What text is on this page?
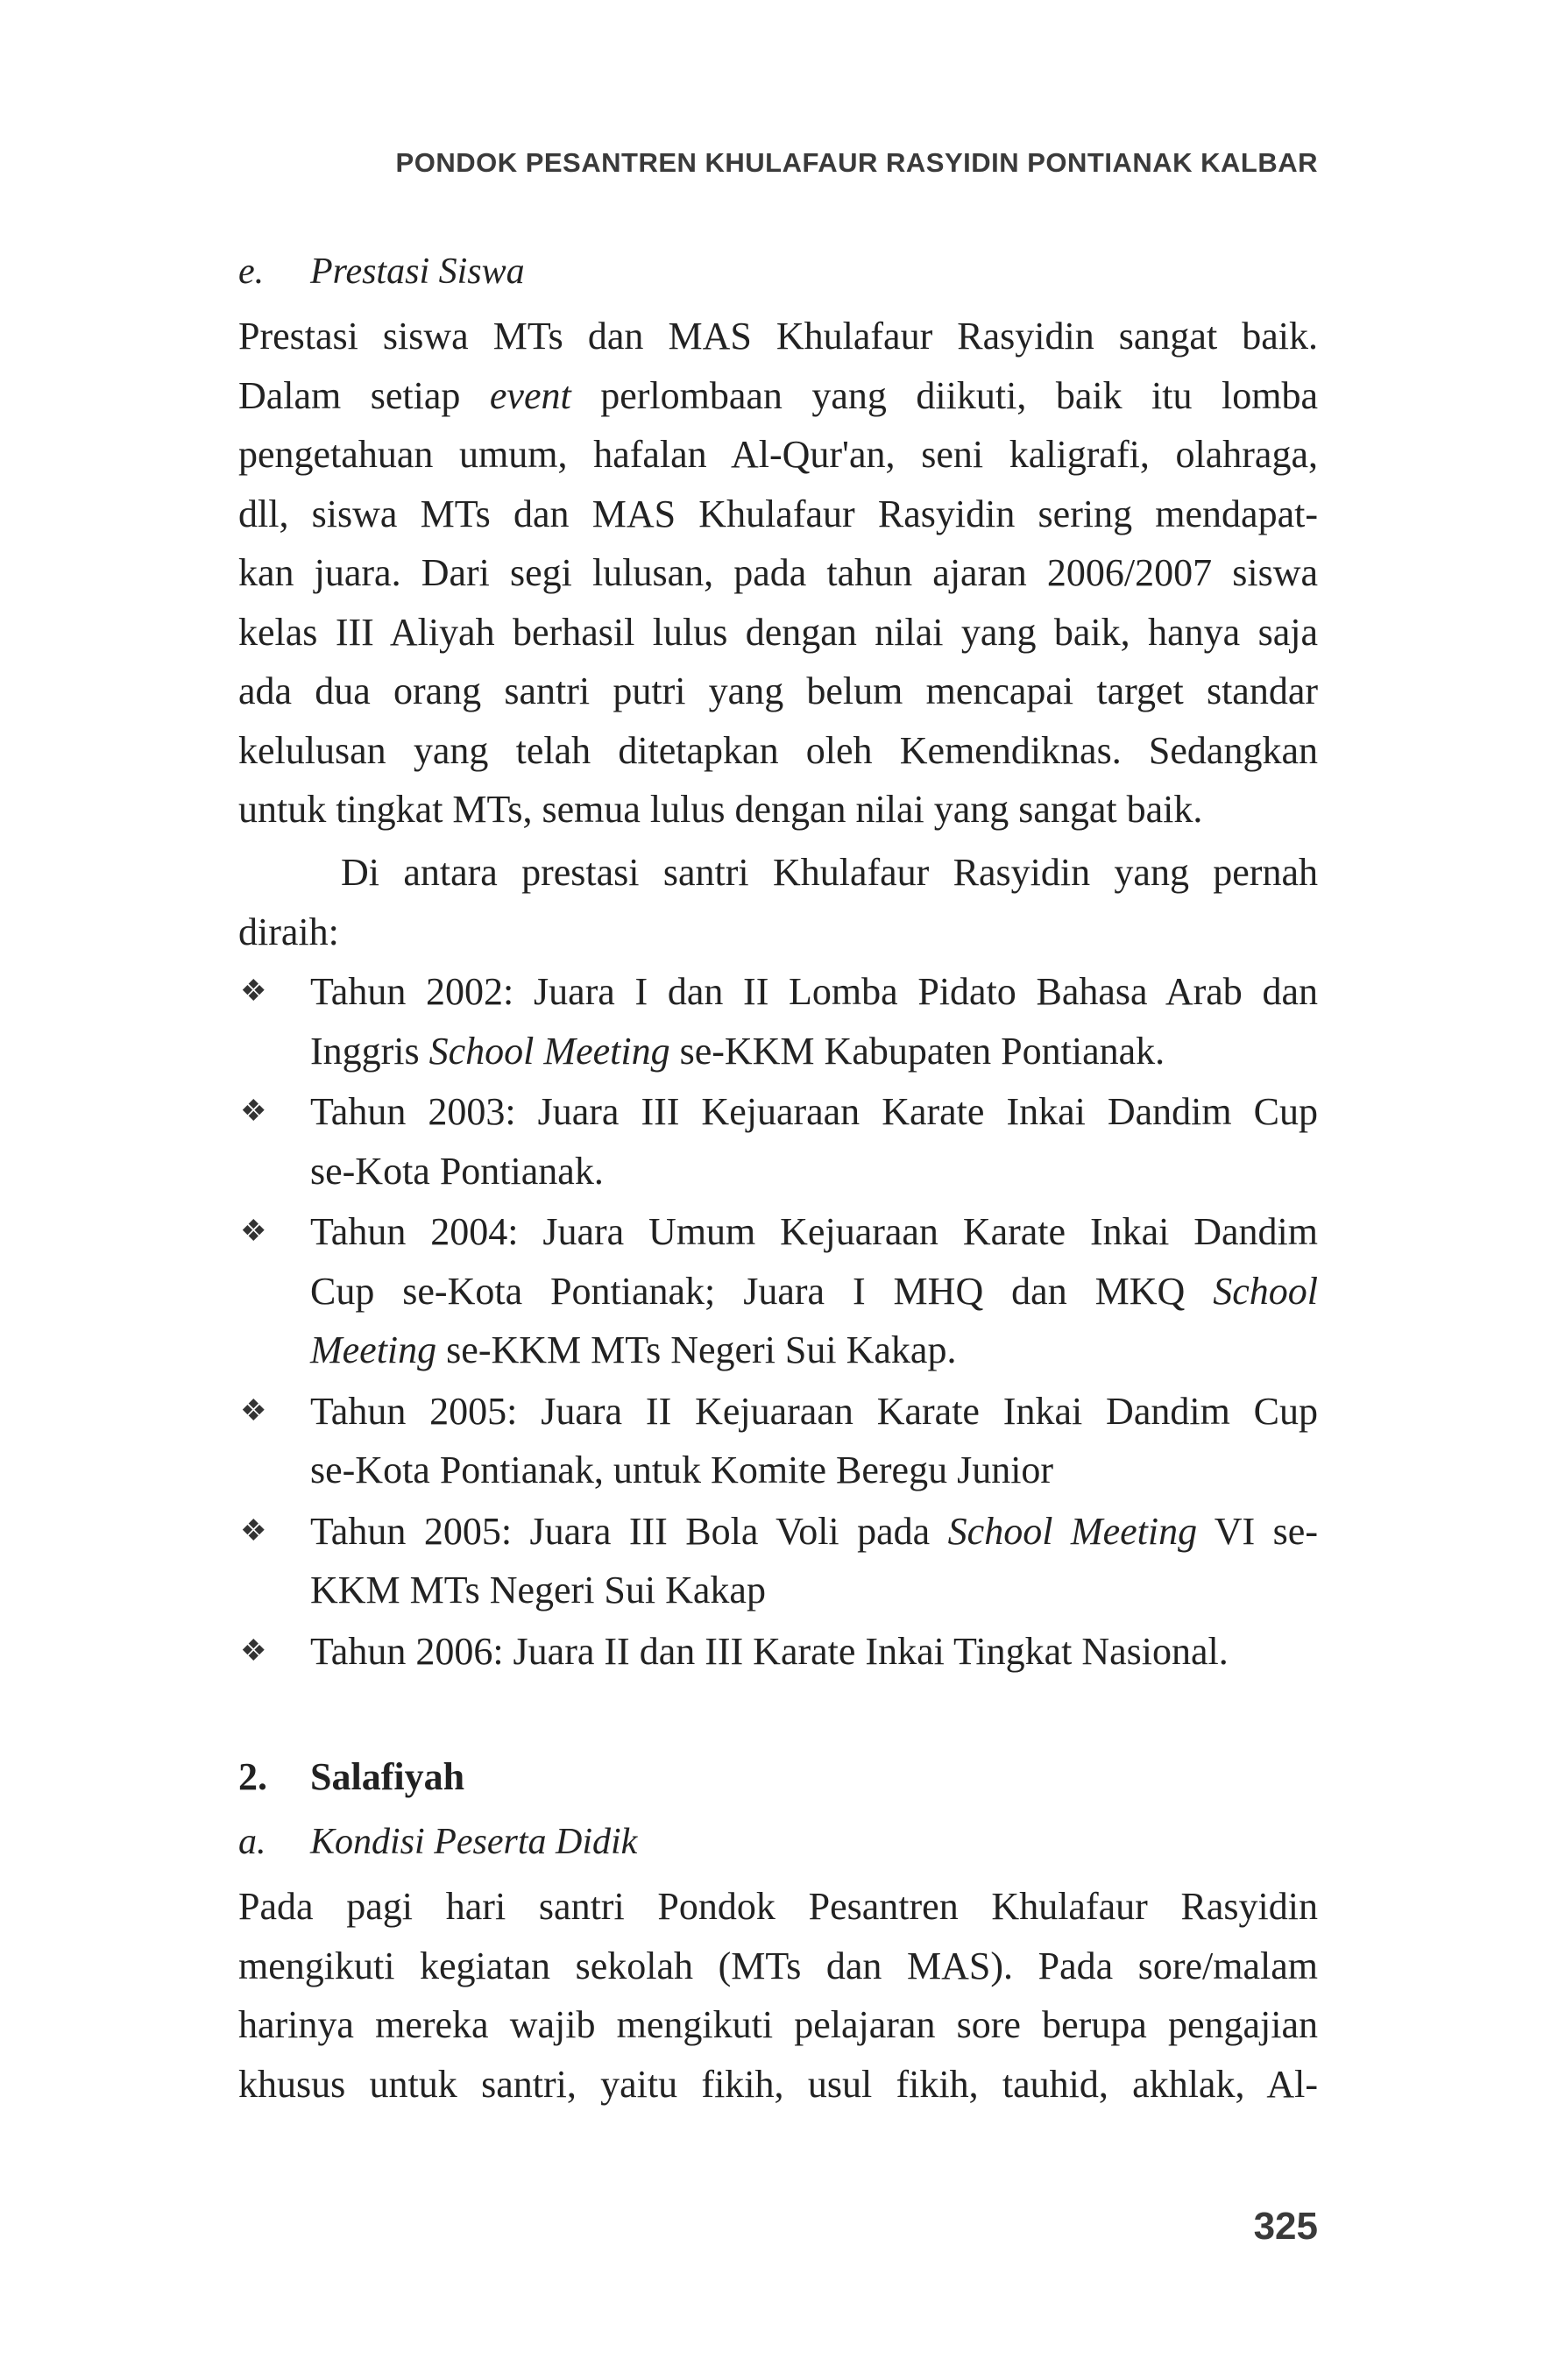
PONDOK PESANTREN KHULAFAUR RASYIDIN PONTIANAK KALBAR
e. Prestasi Siswa
Prestasi siswa MTs dan MAS Khulafaur Rasyidin sangat baik.
Dalam setiap event perlombaan yang diikuti, baik itu lomba
pengetahuan umum, hafalan Al-Qur'an, seni kaligrafi, olahraga,
dll, siswa MTs dan MAS Khulafaur Rasyidin sering mendapat-
kan juara. Dari segi lulusan, pada tahun ajaran 2006/2007 siswa
kelas III Aliyah berhasil lulus dengan nilai yang baik, hanya saja
ada dua orang santri putri yang belum mencapai target standar
kelulusan yang telah ditetapkan oleh Kemendiknas. Sedangkan
untuk tingkat MTs, semua lulus dengan nilai yang sangat baik.
Di antara prestasi santri Khulafaur Rasyidin yang pernah
diraih:
❖ Tahun 2002: Juara I dan II Lomba Pidato Bahasa Arab dan
Inggris School Meeting se-KKM Kabupaten Pontianak.
❖ Tahun 2003: Juara III Kejuaraan Karate Inkai Dandim Cup
se-Kota Pontianak.
❖ Tahun 2004: Juara Umum Kejuaraan Karate Inkai Dandim
Cup se-Kota Pontianak; Juara I MHQ dan MKQ School
Meeting se-KKM MTs Negeri Sui Kakap.
❖ Tahun 2005: Juara II Kejuaraan Karate Inkai Dandim Cup
se-Kota Pontianak, untuk Komite Beregu Junior
❖ Tahun 2005: Juara III Bola Voli pada School Meeting VI se-
KKM MTs Negeri Sui Kakap
❖ Tahun 2006: Juara II dan III Karate Inkai Tingkat Nasional.
2. Salafiyah
a. Kondisi Peserta Didik
Pada pagi hari santri Pondok Pesantren Khulafaur Rasyidin
mengikuti kegiatan sekolah (MTs dan MAS). Pada sore/malam
harinya mereka wajib mengikuti pelajaran sore berupa pengajian
khusus untuk santri, yaitu fikih, usul fikih, tauhid, akhlak, Al-
325
